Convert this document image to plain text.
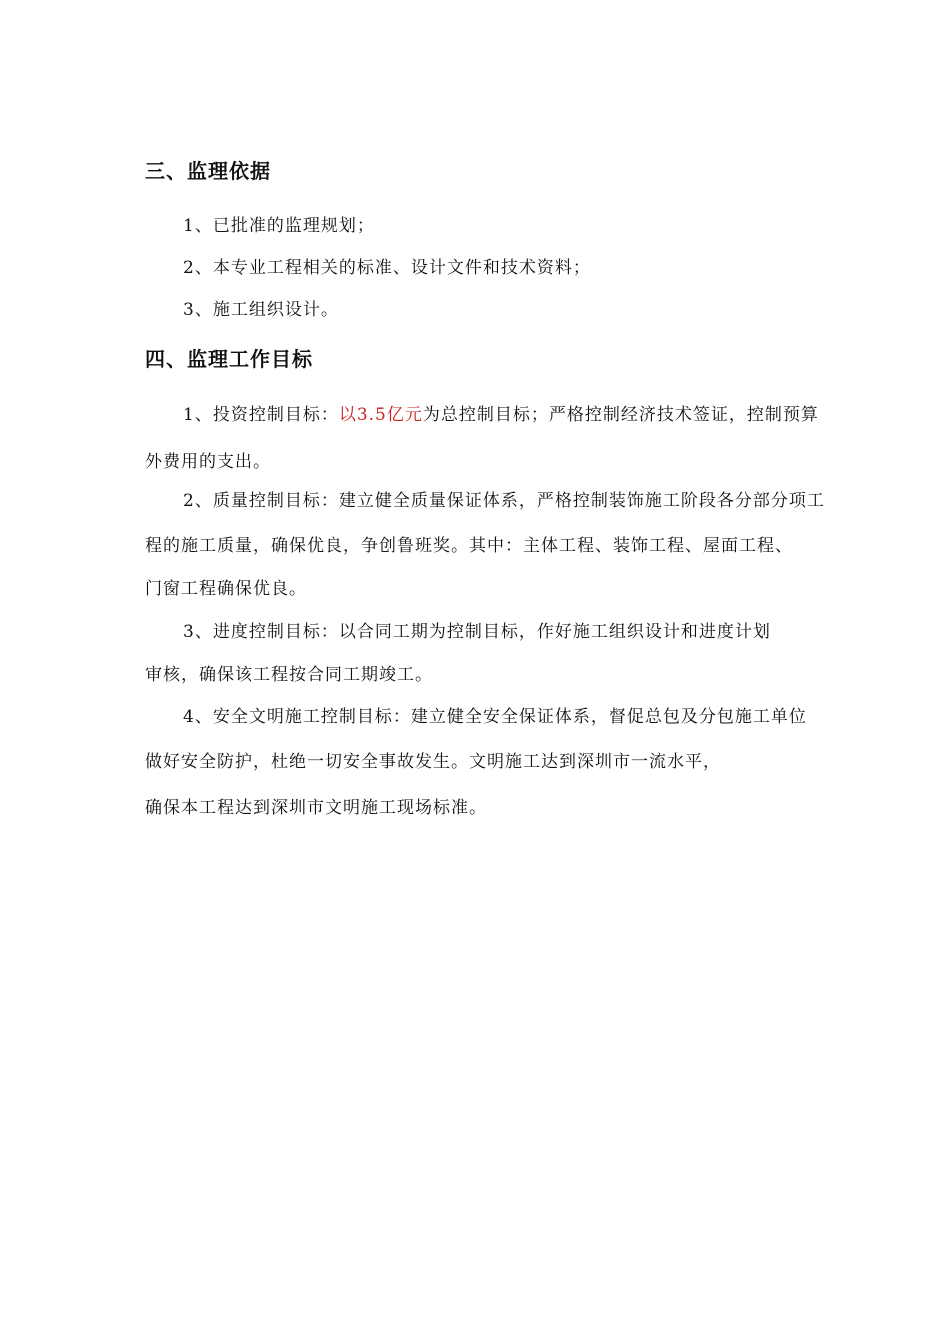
三、监理依据
1、已批准的监理规划；
2、本专业工程相关的标准、设计文件和技术资料；
3、施工组织设计。
四、监理工作目标
1、投资控制目标：以3.5亿元为总控制目标；严格控制经济技术签证，控制预算
外费用的支出。
2、质量控制目标：建立健全质量保证体系，严格控制装饰施工阶段各分部分项工
程的施工质量，确保优良，争创鲁班奖。其中：主体工程、装饰工程、屋面工程、
门窗工程确保优良。
3、进度控制目标：以合同工期为控制目标，作好施工组织设计和进度计划
审核，确保该工程按合同工期竣工。
4、安全文明施工控制目标：建立健全安全保证体系，督促总包及分包施工单位
做好安全防护，杜绝一切安全事故发生。文明施工达到深圳市一流水平，
确保本工程达到深圳市文明施工现场标准。
